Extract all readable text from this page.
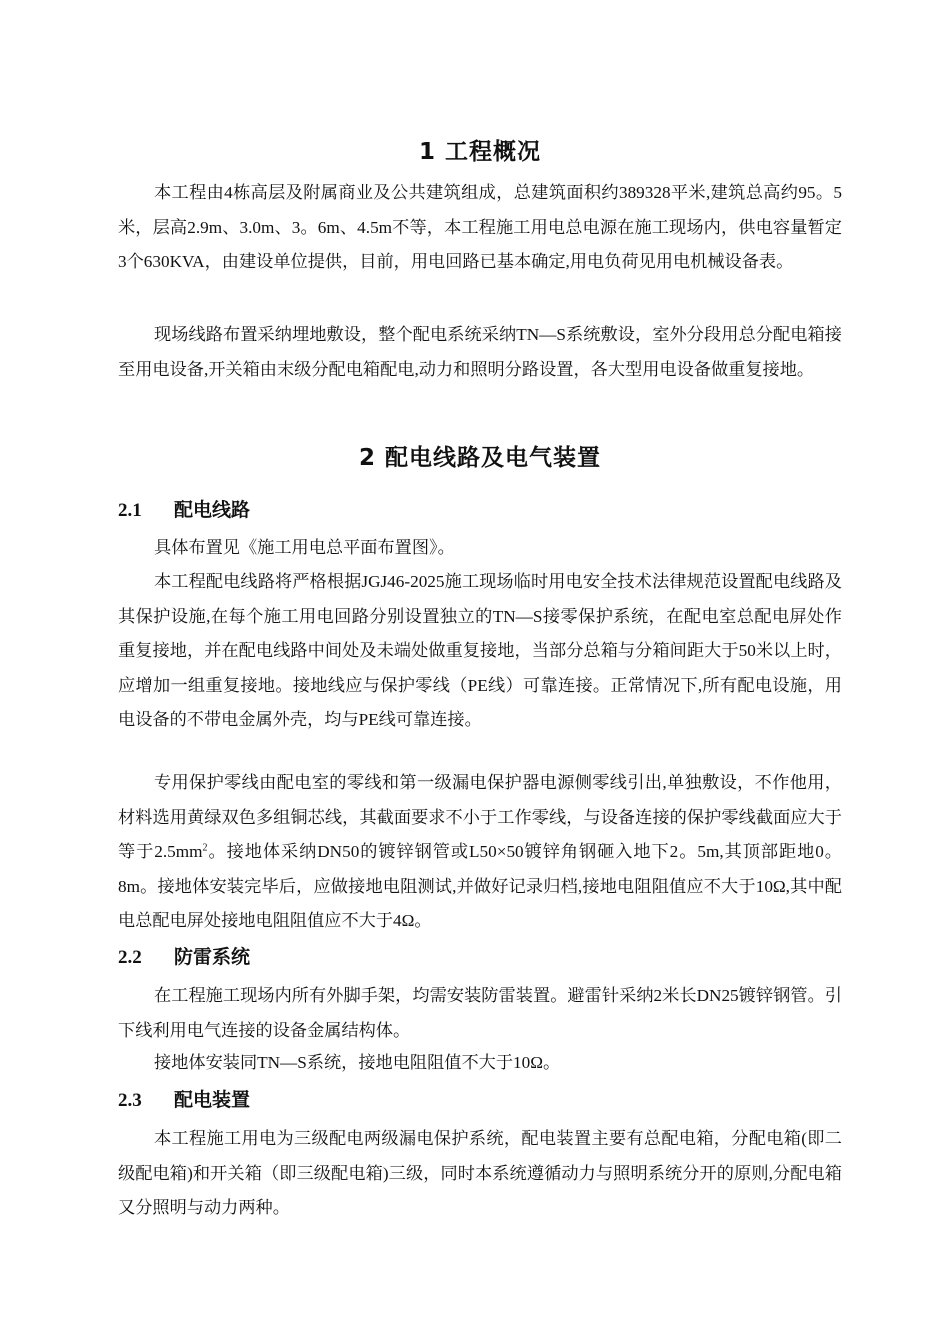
1 工程概况

本工程由4栋高层及附属商业及公共建筑组成，总建筑面积约389328平米,建筑总高约95。5米，层高2.9m、3.0m、3。6m、4.5m不等，本工程施工用电总电源在施工现场内，供电容量暂定3个630KVA，由建设单位提供，目前，用电回路已基本确定,用电负荷见用电机械设备表。

现场线路布置采纳埋地敷设，整个配电系统采纳TN—S系统敷设，室外分段用总分配电箱接至用电设备,开关箱由末级分配电箱配电,动力和照明分路设置，各大型用电设备做重复接地。

2 配电线路及电气装置
2.1 配电线路

具体布置见《施工用电总平面布置图》。

本工程配电线路将严格根据JGJ46-2025施工现场临时用电安全技术法律规范设置配电线路及其保护设施,在每个施工用电回路分别设置独立的TN—S接零保护系统，在配电室总配电屏处作重复接地，并在配电线路中间处及未端处做重复接地，当部分总箱与分箱间距大于50米以上时，应增加一组重复接地。接地线应与保护零线（PE线）可靠连接。正常情况下,所有配电设施，用电设备的不带电金属外壳，均与PE线可靠连接。

专用保护零线由配电室的零线和第一级漏电保护器电源侧零线引出,单独敷设，不作他用，材料选用黄绿双色多组铜芯线，其截面要求不小于工作零线，与设备连接的保护零线截面应大于等于$2.5mm^2$。接地体采纳DN50的镀锌钢管或L50×50镀锌角钢砸入地下2。5m,其顶部距地0。8m。接地体安装完毕后，应做接地电阻测试,并做好记录归档,接地电阻阻值应不大于10Ω,其中配电总配电屏处接地电阻阻值应不大于4Ω。

2.2 防雷系统

在工程施工现场内所有外脚手架，均需安装防雷装置。避雷针采纳2米长DN25镀锌钢管。引下线利用电气连接的设备金属结构体。

接地体安装同TN—S系统，接地电阻阻值不大于10Ω。

2.3 配电装置

本工程施工用电为三级配电两级漏电保护系统，配电装置主要有总配电箱，分配电箱(即二级配电箱)和开关箱（即三级配电箱)三级，同时本系统遵循动力与照明系统分开的原则,分配电箱又分照明与动力两种。
